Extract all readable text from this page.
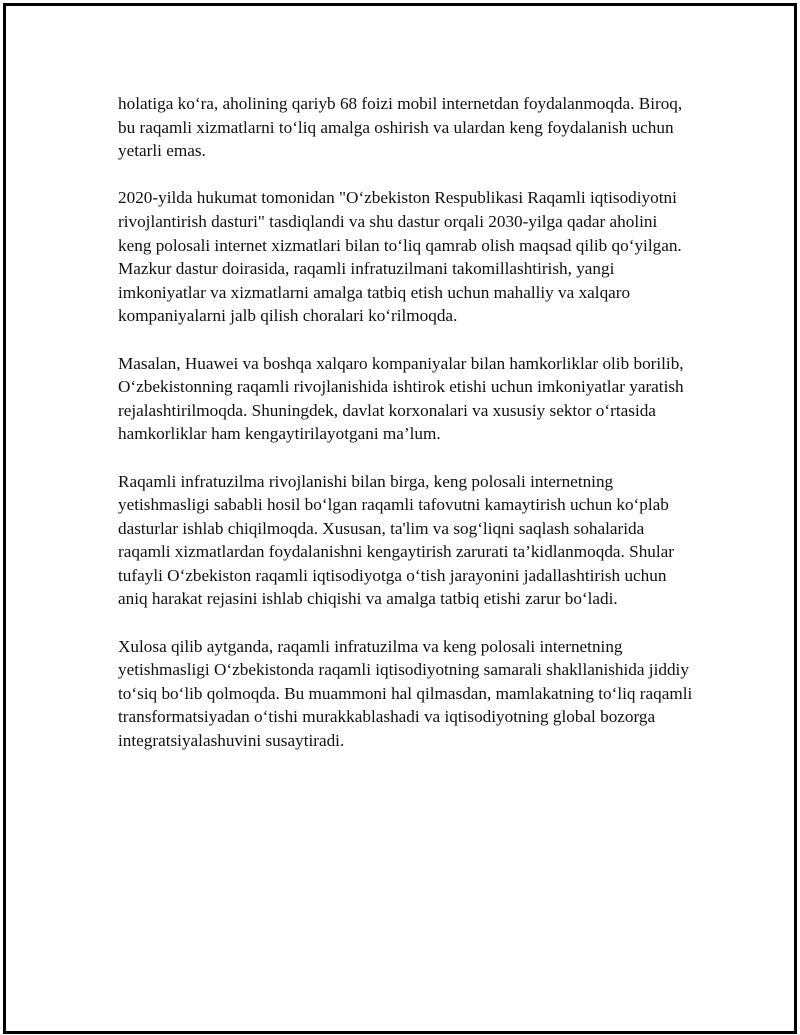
holatiga ko‘ra, aholining qariyb 68 foizi mobil internetdan foydalanmoqda. Biroq, bu raqamli xizmatlarni to‘liq amalga oshirish va ulardan keng foydalanish uchun yetarli emas.

2020-yilda hukumat tomonidan "O‘zbekiston Respublikasi Raqamli iqtisodiyotni rivojlantirish dasturi" tasdiqlandi va shu dastur orqali 2030-yilga qadar aholini keng polosali internet xizmatlari bilan to‘liq qamrab olish maqsad qilib qo‘yilgan. Mazkur dastur doirasida, raqamli infratuzilmani takomillashtirish, yangi imkoniyatlar va xizmatlarni amalga tatbiq etish uchun mahalliy va xalqaro kompaniyalarni jalb qilish choralari ko‘rilmoqda.

Masalan, Huawei va boshqa xalqaro kompaniyalar bilan hamkorliklar olib borilib, O‘zbekistonning raqamli rivojlanishida ishtirok etishi uchun imkoniyatlar yaratish rejalashtirilmoqda. Shuningdek, davlat korxonalari va xususiy sektor o‘rtasida hamkorliklar ham kengaytirilayotgani ma’lum.

Raqamli infratuzilma rivojlanishi bilan birga, keng polosali internetning yetishmasligi sababli hosil bo‘lgan raqamli tafovutni kamaytirish uchun ko‘plab dasturlar ishlab chiqilmoqda. Xususan, ta'lim va sog‘liqni saqlash sohalarida raqamli xizmatlardan foydalanishni kengaytirish zarurati ta’kidlanmoqda. Shular tufayli O‘zbekiston raqamli iqtisodiyotga o‘tish jarayonini jadallashtirish uchun aniq harakat rejasini ishlab chiqishi va amalga tatbiq etishi zarur bo‘ladi.

Xulosa qilib aytganda, raqamli infratuzilma va keng polosali internetning yetishmasligi O‘zbekistonda raqamli iqtisodiyotning samarali shakllanishida jiddiy to‘siq bo‘lib qolmoqda. Bu muammoni hal qilmasdan, mamlakatning to‘liq raqamli transformatsiyadan o‘tishi murakkablashadi va iqtisodiyotning global bozorga integratsiyalashuvini susaytiradi.
